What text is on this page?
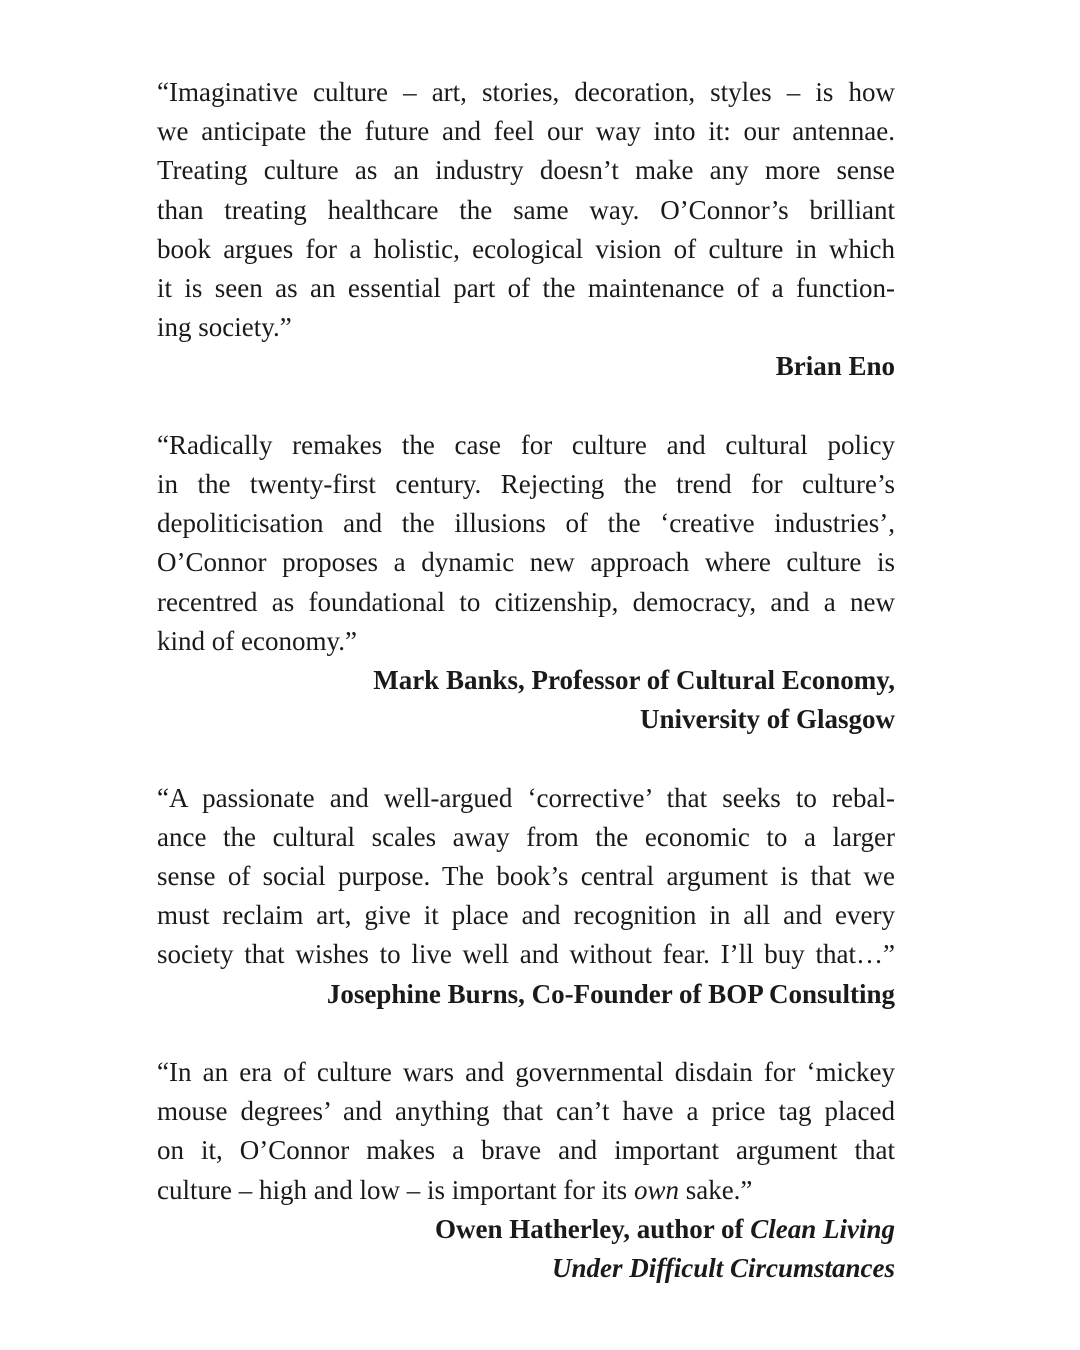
“Imaginative culture – art, stories, decoration, styles – is how
we anticipate the future and feel our way into it: our antennae.
Treating culture as an industry doesn’t make any more sense
than treating healthcare the same way. O’Connor’s brilliant
book argues for a holistic, ecological vision of culture in which
it is seen as an essential part of the maintenance of a function-
ing society.”

Brian Eno

“Radically remakes the case for culture and cultural policy
in the twenty-first century. Rejecting the trend for culture’s
depoliticisation and the illusions of the ‘creative industries’,
O’Connor proposes a dynamic new approach where culture is
recentred as foundational to citizenship, democracy, and a new
kind of economy.”

Mark Banks, Professor of Cultural Economy,
University of Glasgow

“A passionate and well-argued ‘corrective’ that seeks to rebal-
ance the cultural scales away from the economic to a larger
sense of social purpose. The book’s central argument is that we
must reclaim art, give it place and recognition in all and every
society that wishes to live well and without fear. I’ll buy that…”

Josephine Burns, Co-Founder of BOP Consulting

“In an era of culture wars and governmental disdain for ‘mickey
mouse degrees’ and anything that can’t have a price tag placed
on it, O’Connor makes a brave and important argument that
culture – high and low – is important for its own sake.”

Owen Hatherley, author of Clean Living
Under Difficult Circumstances
